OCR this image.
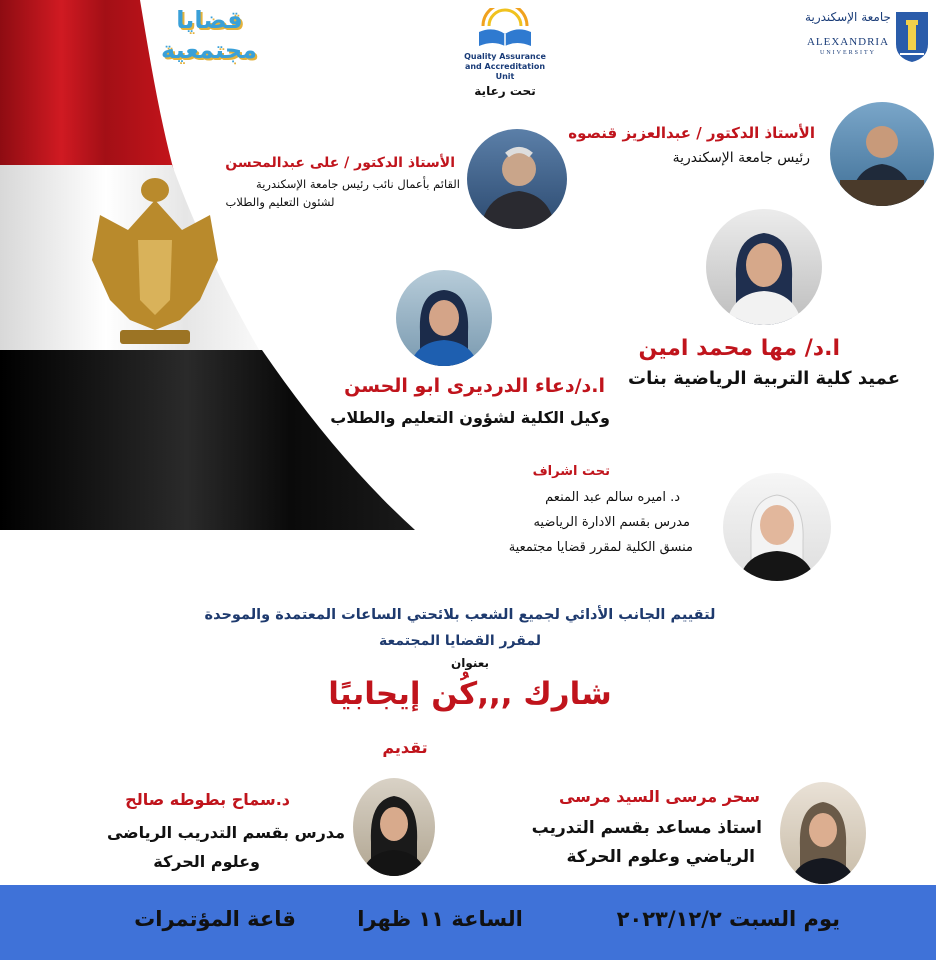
قضايا مجتمعية	Quality Assurance and Accreditation Unit
تحت رعاية
جامعة الإسكندرية
ALEXANDRIA
UNIVERSITY
الأستاذ الدكتور / عبدالعزيز قنصوه
رئيس جامعة الإسكندرية
الأستاذ الدكتور / على عبدالمحسن
القائم بأعمال نائب رئيس جامعة الإسكندرية
لشئون التعليم والطلاب
ا.د/ مها محمد امين
عميد كلية التربية الرياضية بنات
ا.د/دعاء الدرديرى ابو الحسن
وكيل الكلية لشؤون التعليم والطلاب
تحت اشراف
د. اميره سالم عبد المنعم
مدرس بقسم الادارة الرياضيه
منسق الكلية لمقرر قضايا مجتمعية
لتقييم الجانب الأدائي لجميع الشعب بلائحتي الساعات المعتمدة والموحدة
لمقرر القضايا المجتمعة
بعنوان
شارك ,,,كُن إيجابيًا
تقديم
سحر مرسى السيد مرسى
استاذ مساعد بقسم التدريب
الرياضي وعلوم الحركة
د.سماح بطوطه صالح
مدرس بقسم التدريب الرياضى
وعلوم الحركة
يوم السبت ٢٠٢٣/١٢/٢
الساعة ١١ ظهرا
قاعة المؤتمرات
